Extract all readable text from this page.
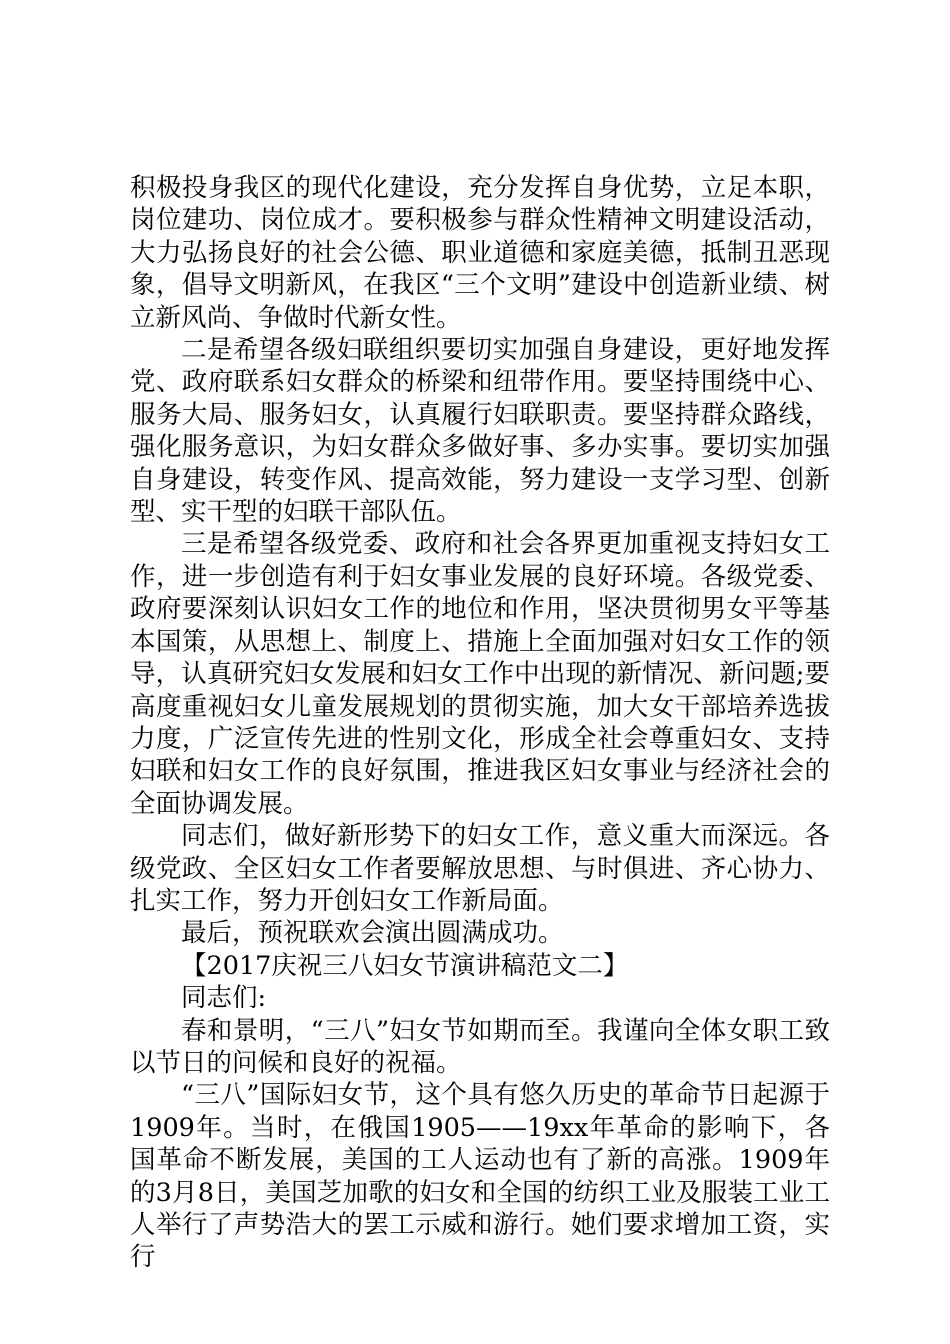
积极投身我区的现代化建设，充分发挥自身优势，立足本职，岗位建功、岗位成才。要积极参与群众性精神文明建设活动，大力弘扬良好的社会公德、职业道德和家庭美德，抵制丑恶现象，倡导文明新风，在我区“三个文明”建设中创造新业绩、树立新风尚、争做时代新女性。

二是希望各级妇联组织要切实加强自身建设，更好地发挥党、政府联系妇女群众的桥梁和纽带作用。要坚持围绕中心、服务大局、服务妇女，认真履行妇联职责。要坚持群众路线，强化服务意识，为妇女群众多做好事、多办实事。要切实加强自身建设，转变作风、提高效能，努力建设一支学习型、创新型、实干型的妇联干部队伍。

三是希望各级党委、政府和社会各界更加重视支持妇女工作，进一步创造有利于妇女事业发展的良好环境。各级党委、政府要深刻认识妇女工作的地位和作用，坚决贯彻男女平等基本国策，从思想上、制度上、措施上全面加强对妇女工作的领导，认真研究妇女发展和妇女工作中出现的新情况、新问题;要高度重视妇女儿童发展规划的贯彻实施，加大女干部培养选拔力度，广泛宣传先进的性别文化，形成全社会尊重妇女、支持妇联和妇女工作的良好氛围，推进我区妇女事业与经济社会的全面协调发展。

同志们，做好新形势下的妇女工作，意义重大而深远。各级党政、全区妇女工作者要解放思想、与时俱进、齐心协力、扎实工作，努力开创妇女工作新局面。

最后，预祝联欢会演出圆满成功。

【2017庆祝三八妇女节演讲稿范文二】

同志们:

春和景明，“三八”妇女节如期而至。我谨向全体女职工致以节日的问候和良好的祝福。

“三八”国际妇女节，这个具有悠久历史的革命节日起源于1909年。当时，在俄国1905——19xx年革命的影响下，各国革命不断发展，美国的工人运动也有了新的高涨。1909年的3月8日，美国芝加歌的妇女和全国的纺织工业及服装工业工人举行了声势浩大的罢工示威和游行。她们要求增加工资，实行
